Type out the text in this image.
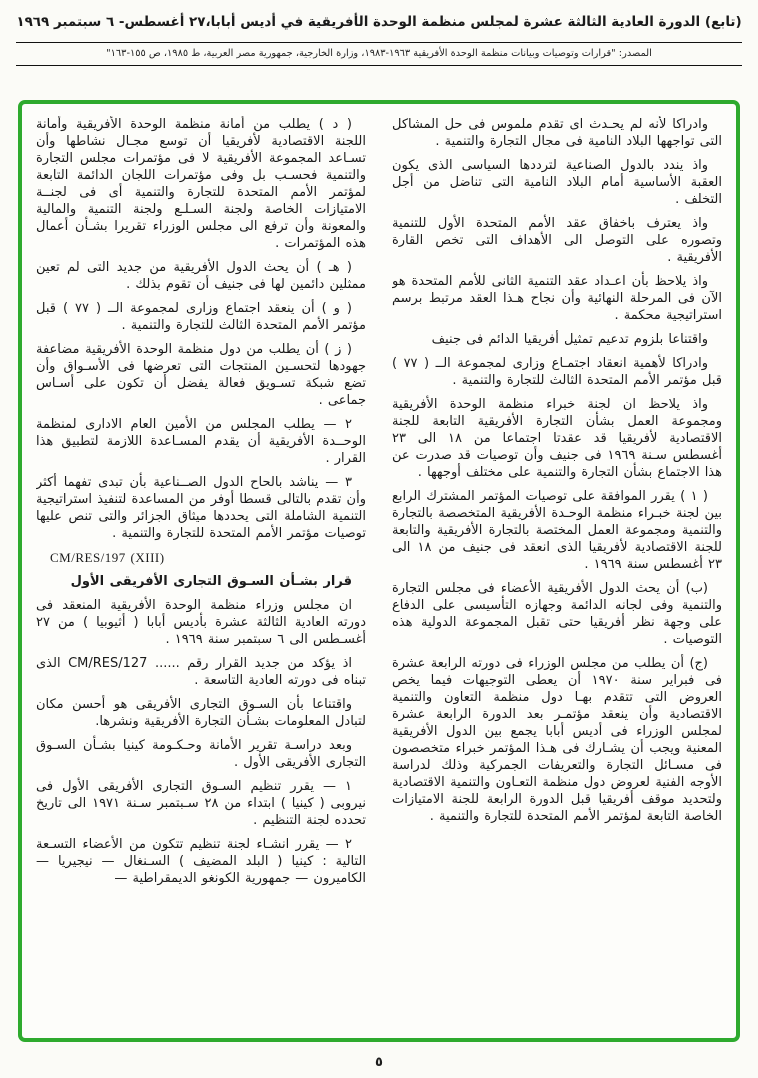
(تابع) الدورة العادية الثالثة عشرة لمجلس منظمة الوحدة الأفريقية في أديس أبابا،٢٧ أغسطس- ٦ سبتمبر ١٩٦٩

المصدر: "قرارات وتوصيات وبيانات منظمة الوحدة الأفريقية ١٩٦٣-١٩٨٣، وزارة الخارجية، جمهورية مصر العربية، ط ١٩٨٥، ص ١٥٥-١٦٣"

وادراكا لأنه لم يحـدث اى تقدم ملموس فى حل المشاكل التى تواجهها البلاد النامية فى مجال التجارة والتنمية .

واذ يندد بالدول الصناعية لترددها السياسى الذى يكون العقبة الأساسية أمام البلاد النامية التى تناضل من أجل التخلف .

واذ يعترف باخفاق عقد الأمم المتحدة الأول للتنمية وتصوره على التوصل الى الأهداف التى تخص القارة الأفريقية .

واذ يلاحظ بأن اعـداد عقد التنمية الثانى للأمم المتحدة هو الآن فى المرحلة النهائية وأن نجاح هـذا العقد مرتبط برسم استراتيجية محكمة .

واقتناعا بلزوم تدعيم تمثيل أفريقيا الدائم فى جنيف

وادراكا لأهمية انعقاد اجتمـاع وزارى لمجموعة الــ ( ٧٧ ) قبل مؤتمر الأمم المتحدة الثالث للتجارة والتنمية .

واذ يلاحظ ان لجنة خبراء منظمة الوحدة الأفريقية ومجموعة العمل بشأن التجارة الأفريقية التابعة للجنة الاقتصادية لأفريقيا قد عقدتا اجتماعا من ١٨ الى ٢٣ أغسطس سـنة ١٩٦٩ فى جنيف وأن توصيات قد صدرت عن هذا الاجتماع بشأن التجارة والتنمية على مختلف أوجهها .

( ١ ) يقرر الموافقة على توصيات المؤتمر المشترك الرابع بين لجنة خبـراء منظمة الوحـدة الأفريقية المتخصصة بالتجارة والتنمية ومجموعة العمل المختصة بالتجارة الأفريقية والتابعة للجنة الاقتصادية لأفريقيا الذى انعقد فى جنيف من ١٨ الى ٢٣ أغسطس سنة ١٩٦٩ .

(ب) أن يحث الدول الأفريقية الأعضاء فى مجلس التجارة والتنمية وفى لجانه الدائمة وجهازه التأسيسى على الدفاع على وجهة نظر أفريقيا حتى تقبل المجموعة الدولية هذه التوصيات .

(ج) أن يطلب من مجلس الوزراء فى دورته الرابعة عشرة فى فبراير سنة ١٩٧٠ أن يعطى التوجيهات فيما يخص العروض التى تتقدم بهـا دول منظمة التعاون والتنمية الاقتصادية وأن ينعقد مؤتمـر بعد الدورة الرابعة عشرة لمجلس الوزراء فى أديس أبابا يجمع بين الدول الأفريقية المعنية ويجب أن يشـارك فى هـذا المؤتمر خبراء متخصصون فى مسـائل التجارة والتعريفات الجمركية وذلك لدراسة الأوجه الفنية لعروض دول منظمة التعـاون والتنمية الاقتصادية ولتحديد موقف أفريقيا قبل الدورة الرابعة للجنة الامتيازات الخاصة التابعة لمؤتمر الأمم المتحدة للتجارة والتنمية .

( د ) يطلب من أمانة منظمة الوحدة الأفريقية وأمانة اللجنة الاقتصادية لأفريقيا أن توسع مجـال نشاطها وأن تسـاعد المجموعة الأفريقية لا فى مؤتمرات مجلس التجارة والتنمية فحسـب بل وفى مؤتمرات اللجان الدائمة التابعة لمؤتمر الأمم المتحدة للتجارة والتنمية أى فى لجنــة الامتيازات الخاصة ولجنة السـلـع ولجنة التنمية والمالية والمعونة وأن ترفع الى مجلس الوزراء تقريرا بشـأن أعمال هذه المؤتمرات .

( هـ ) أن يحث الدول الأفريقية من جديد التى لم تعين ممثلين دائمين لها فى جنيف أن تقوم بذلك .

( و ) أن ينعقد اجتماع وزارى لمجموعة الــ ( ٧٧ ) قبل مؤتمر الأمم المتحدة الثالث للتجارة والتنمية .

( ز ) أن يطلب من دول منظمة الوحدة الأفريقية مضاعفة جهودها لتحسـين المنتجات التى تعرضها فى الأسـواق وأن تضع شبكة تسـويق فعالة يفضل أن تكون على أسـاس جماعى .

٢ — يطلب المجلس من الأمين العام الادارى لمنظمة الوحــدة الأفريقية أن يقدم المسـاعدة اللازمة لتطبيق هذا القرار .

٣ — يناشد بالحاح الدول الصــناعية بأن تبدى تفهما أكثر وأن تقدم بالتالى قسطا أوفر من المساعدة لتنفيذ استراتيجية التنمية الشاملة التى يحددها ميثاق الجزائر والتى تنص عليها توصيات مؤتمر الأمم المتحدة للتجارة والتنمية .

CM/RES/197 (XIII)

قرار بشـأن السـوق التجارى الأفريقى الأول

ان مجلس وزراء منظمة الوحدة الأفريقية المنعقد فى دورته العادية الثالثة عشرة بأديس أبابا ( أثيوبيا ) من ٢٧ أغسـطس الى ٦ سبتمبر سنة ١٩٦٩ .

اذ يؤكد من جديد القرار رقم ...... CM/RES/127 الذى تبناه فى دورته العادية التاسعة .

واقتناعا بأن السـوق التجارى الأفريقى هو أحسن مكان لتبادل المعلومات بشـأن التجارة الأفريقية ونشرها.

وبعد دراسـة تقرير الأمانة وحـكـومة كينيا بشـأن السـوق التجارى الأفريقى الأول .

١ — يقرر تنظيم السـوق التجارى الأفريقى الأول فى نيروبى ( كينيا ) ابتداء من ٢٨ سـبتمبر سـنة ١٩٧١ الى تاريخ تحدده لجنة التنظيم .

٢ — يقرر انشـاء لجنة تنظيم تتكون من الأعضاء التسـعة التالية : كينيا ( البلد المضيف ) السـنغال — نيجيريا — الكاميرون — جمهورية الكونغو الديمقراطية —

٥
